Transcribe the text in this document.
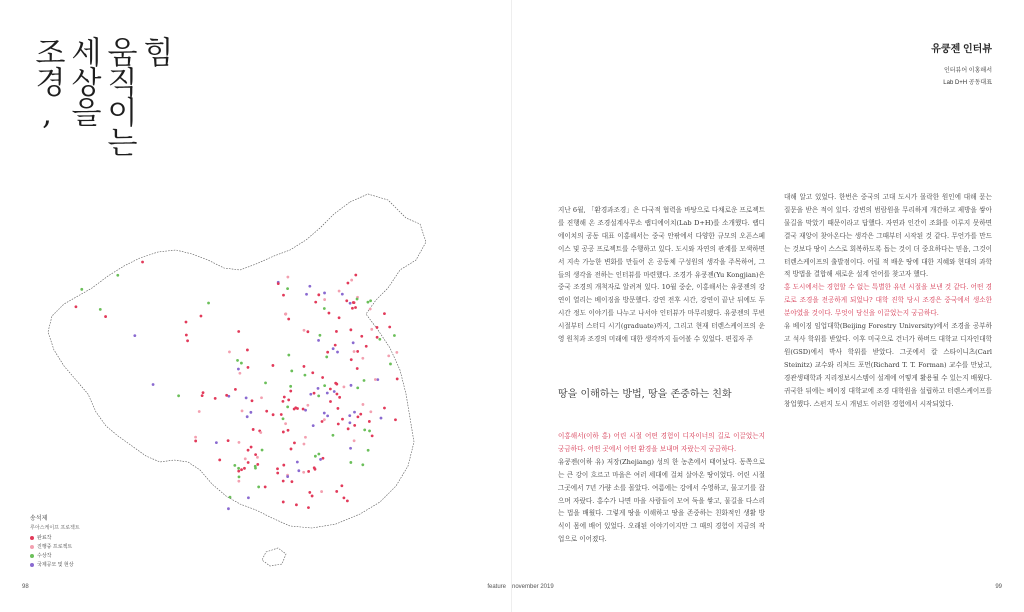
힘
움직이는
세상을
조경,
송석제
루아스케이프 프로젝트
완료작
진행중 프로젝트
수상작
국제공모 및 현상
98	feature
유쿵젠 인터뷰
인터뷰어 이홍해서
Lab D+H 공동대표

지난 6월, 「환경과조경」은 다국적 협력을 바탕으로 다채로운 프로젝트를 진행해 온 조경설계사무소 랩디에이치(Lab D+H)를 소개했다. 랩디에이치의 공동 대표 이홍해서는 중국 안팎에서 다양한 규모의 오픈스페이스 및 공공 프로젝트를 수행하고 있다. 도시와 자연의 관계를 모색하면서 지속 가능한 변화를 만들어 온 공동체 구성원의 생각을 주목하여, 그들의 생각을 전하는 인터뷰를 마련했다. 조경가 유쿵젠(Yu Kongjian)은 중국 조경의 개척자로 알려져 있다. 10월 중순, 이홍해서는 유쿵젠의 강연이 열리는 베이징을 방문했다. 강연 전후 시간, 강연이 끝난 뒤에도 두 시간 정도 이야기를 나누고 나서야 인터뷰가 마무리됐다. 유쿵젠의 무빈 시절부터 스터디 시기(graduate)까지, 그리고 현재 터렌스케이프의 운영 원칙과 조경의 미래에 대한 생각까지 들어볼 수 있었다. 편집자 주

땅을 이해하는 방법, 땅을 존중하는 친화

이홍해서(이하 홍) 어린 시절 어떤 경험이 디자이너의 길로 이끌었는지 궁금하다. 어떤 곳에서 어떤 환경을 보내며 자랐는지 궁금하다.

유쿵젠(이하 유) 저장(Zhejiang) 성의 한 농촌에서 태어났다. 동쪽으로는 큰 강이 흐르고 마을은 여러 세대에 걸쳐 살아온 땅이었다. 어린 시절 그곳에서 7년 가량 소를 몰았다. 여름에는 강에서 수영하고, 물고기를 잡으며 자랐다. 홍수가 나면 마을 사람들이 모여 둑을 쌓고, 물길을 다스리는 법을 배웠다. 그렇게 땅을 이해하고 땅을 존중하는 친화적인 생활 방식이 몸에 배어 있었다. 오래된 이야기이지만 그 때의 경험이 지금의 작업으로 이어졌다.

대해 알고 있었다. 한번은 중국의 고대 도시가 몰락한 원인에 대해 묻는 질문을 받은 적이 있다. 강변의 범람원을 무리하게 개간하고 제방을 쌓아 물길을 막았기 때문이라고 답했다. 자연과 인간이 조화를 이루지 못하면 결국 재앙이 찾아온다는 생각은 그때부터 시작된 것 같다. 무언가를 만드는 것보다 땅이 스스로 회복하도록 돕는 것이 더 중요하다는 믿음, 그것이 터렌스케이프의 출발점이다. 어릴 적 배운 땅에 대한 지혜와 현대의 과학적 방법을 결합해 새로운 설계 언어를 찾고자 했다.

홍 도시에서는 경험할 수 없는 특별한 유년 시절을 보낸 것 같다. 어떤 경로로 조경을 전공하게 되었나? 대학 진학 당시 조경은 중국에서 생소한 분야였을 것이다. 무엇이 당신을 이끌었는지 궁금하다.

유 베이징 임업대학(Beijing Forestry University)에서 조경을 공부하고 석사 학위를 받았다. 이후 미국으로 건너가 하버드 대학교 디자인대학원(GSD)에서 박사 학위를 받았다. 그곳에서 칼 스타이니츠(Carl Steinitz) 교수와 리처드 포먼(Richard T. T. Forman) 교수를 만났고, 경관생태학과 지리정보시스템이 설계에 어떻게 활용될 수 있는지 배웠다. 귀국한 뒤에는 베이징 대학교에 조경 대학원을 설립하고 터렌스케이프를 창업했다. 스펀지 도시 개념도 이러한 경험에서 시작되었다.

november 2019	99
